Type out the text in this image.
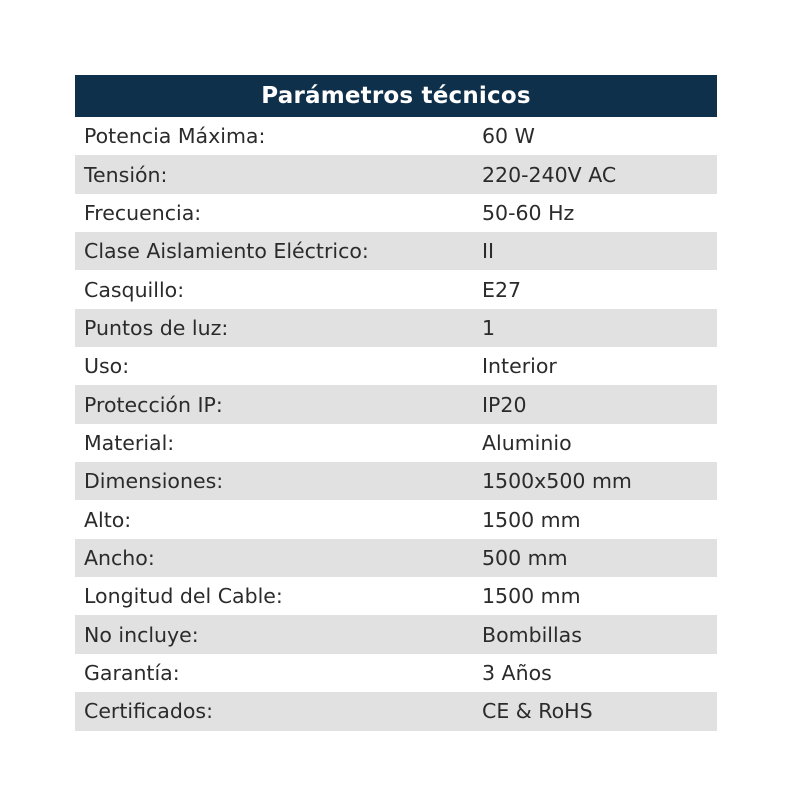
Parámetros técnicos
Potencia Máxima:	60 W
Tensión:	220-240V AC
Frecuencia:	50-60 Hz
Clase Aislamiento Eléctrico:	II
Casquillo:	E27
Puntos de luz:	1
Uso:	Interior
Protección IP:	IP20
Material:	Aluminio
Dimensiones:	1500x500 mm
Alto:	1500 mm
Ancho:	500 mm
Longitud del Cable:	1500 mm
No incluye:	Bombillas
Garantía:	3 Años
Certificados:	CE & RoHS
